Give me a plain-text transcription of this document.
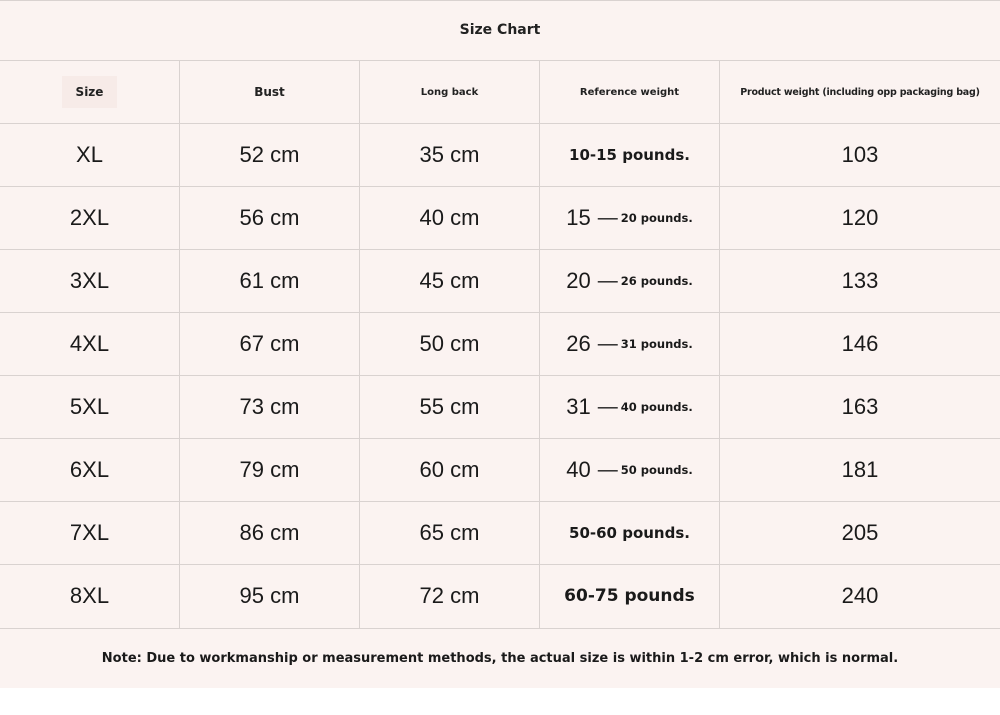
Size Chart
Size	Bust	Long back	Reference weight	Product weight (including opp packaging bag)
XL	52 cm	35 cm	10-15 pounds.	103
2XL	56 cm	40 cm	15 — 20 pounds.	120
3XL	61 cm	45 cm	20 — 26 pounds.	133
4XL	67 cm	50 cm	26 — 31 pounds.	146
5XL	73 cm	55 cm	31 — 40 pounds.	163
6XL	79 cm	60 cm	40 — 50 pounds.	181
7XL	86 cm	65 cm	50-60 pounds.	205
8XL	95 cm	72 cm	60-75 pounds	240
Note: Due to workmanship or measurement methods, the actual size is within 1-2 cm error, which is normal.
